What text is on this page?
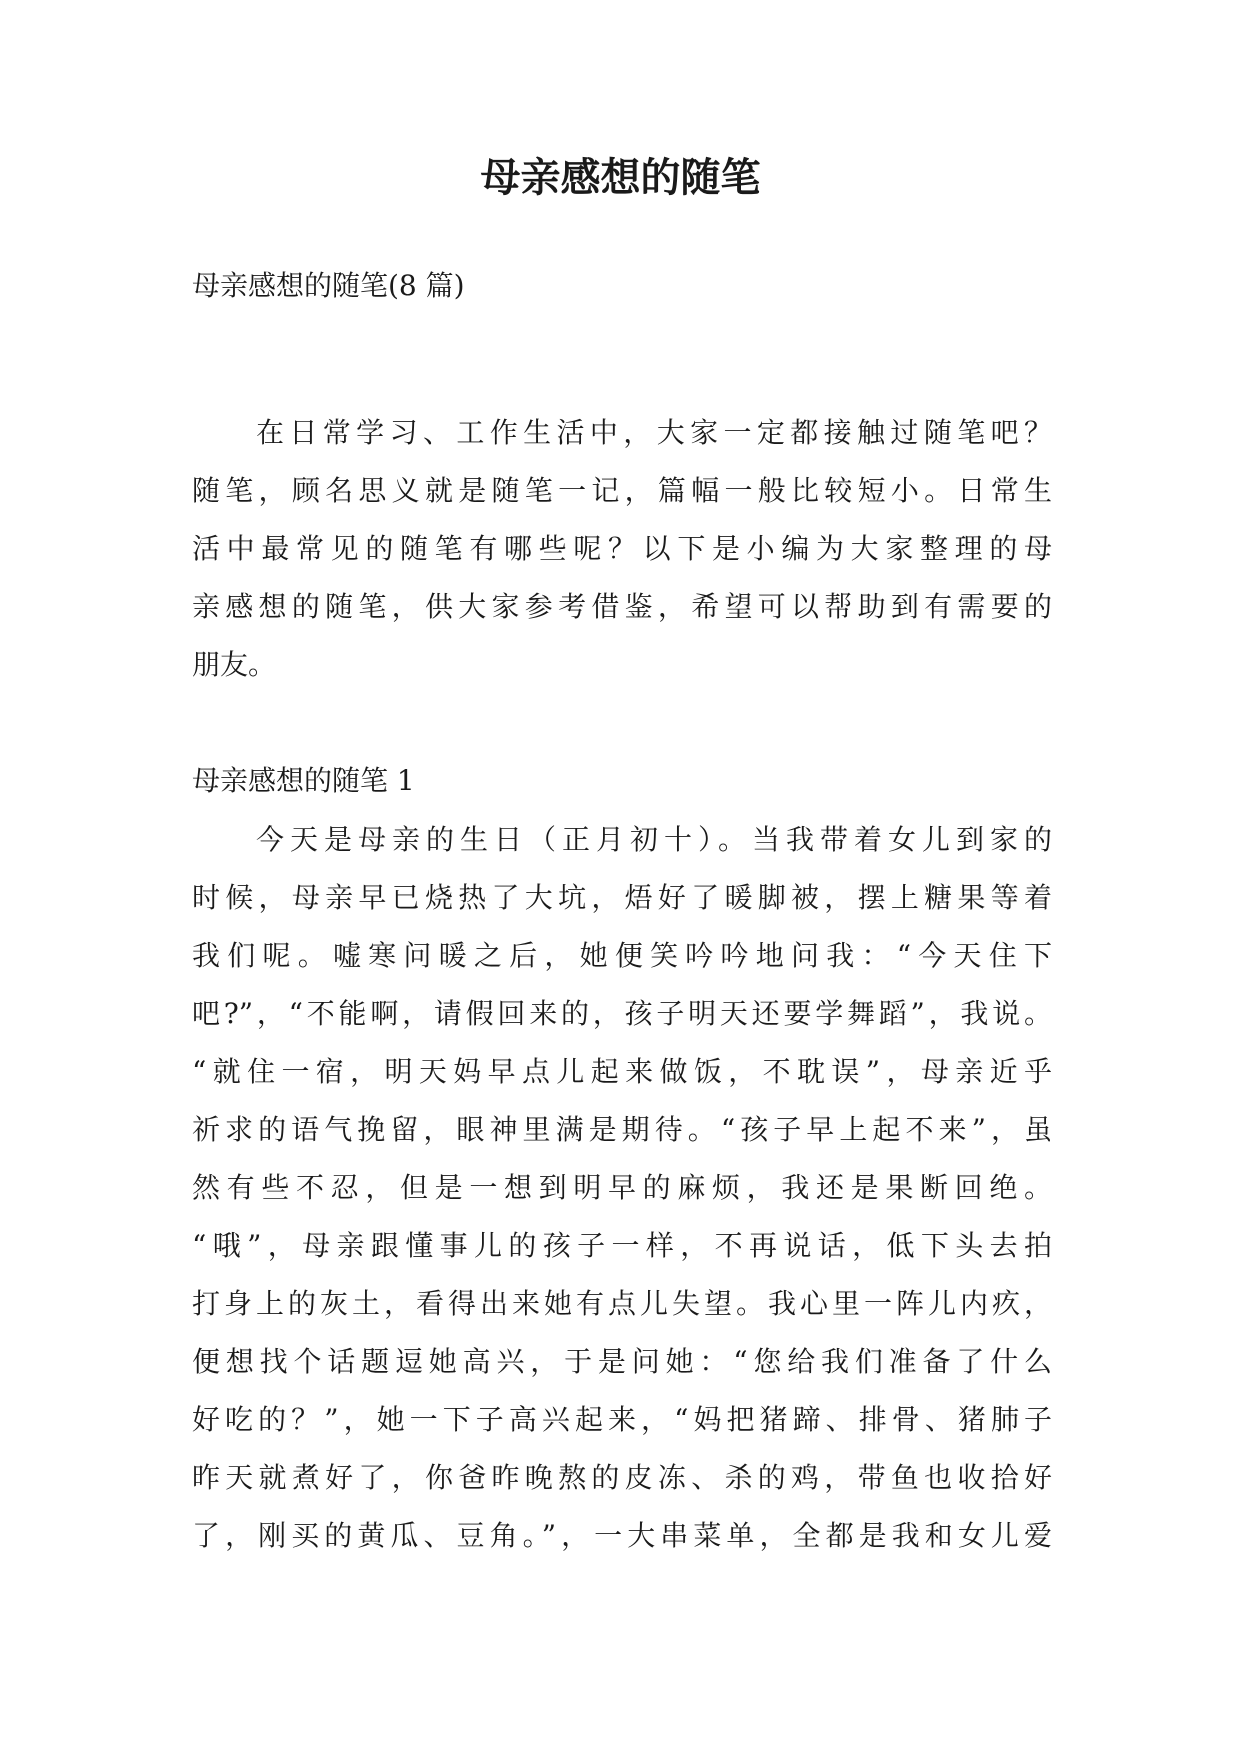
母亲感想的随笔

母亲感想的随笔(8 篇)

在日常学习、工作生活中，大家一定都接触过随笔吧？
随笔，顾名思义就是随笔一记，篇幅一般比较短小。日常生
活中最常见的随笔有哪些呢？以下是小编为大家整理的母
亲感想的随笔，供大家参考借鉴，希望可以帮助到有需要的
朋友。

母亲感想的随笔 1

今天是母亲的生日（正月初十）。当我带着女儿到家的
时候，母亲早已烧热了大坑，焐好了暖脚被，摆上糖果等着
我们呢。嘘寒问暖之后，她便笑吟吟地问我：“今天住下
吧?”，“不能啊，请假回来的，孩子明天还要学舞蹈”，我说。
“就住一宿，明天妈早点儿起来做饭，不耽误”，母亲近乎
祈求的语气挽留，眼神里满是期待。“孩子早上起不来”，虽
然有些不忍，但是一想到明早的麻烦，我还是果断回绝。
“哦”，母亲跟懂事儿的孩子一样，不再说话，低下头去拍
打身上的灰土，看得出来她有点儿失望。我心里一阵儿内疚，
便想找个话题逗她高兴，于是问她：“您给我们准备了什么
好吃的？”，她一下子高兴起来，“妈把猪蹄、排骨、猪肺子
昨天就煮好了，你爸昨晚熬的皮冻、杀的鸡，带鱼也收拾好
了，刚买的黄瓜、豆角。”，一大串菜单，全都是我和女儿爱
